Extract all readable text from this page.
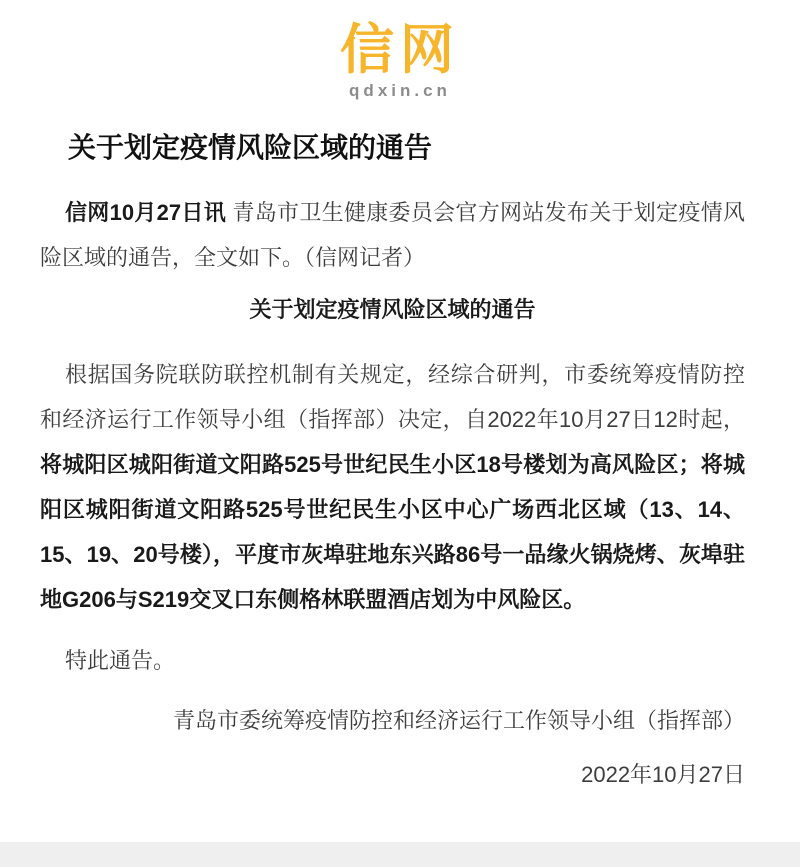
信网
qdxin.cn
关于划定疫情风险区域的通告

信网10月27日讯 青岛市卫生健康委员会官方网站发布关于划定疫情风险区域的通告，全文如下。（信网记者）

关于划定疫情风险区域的通告

根据国务院联防联控机制有关规定，经综合研判，市委统筹疫情防控和经济运行工作领导小组（指挥部）决定，自2022年10月27日12时起，将城阳区城阳街道文阳路525号世纪民生小区18号楼划为高风险区；将城阳区城阳街道文阳路525号世纪民生小区中心广场西北区域（13、14、15、19、20号楼），平度市灰埠驻地东兴路86号一品缘火锅烧烤、灰埠驻地G206与S219交叉口东侧格林联盟酒店划为中风险区。

特此通告。

青岛市委统筹疫情防控和经济运行工作领导小组（指挥部）

2022年10月27日
